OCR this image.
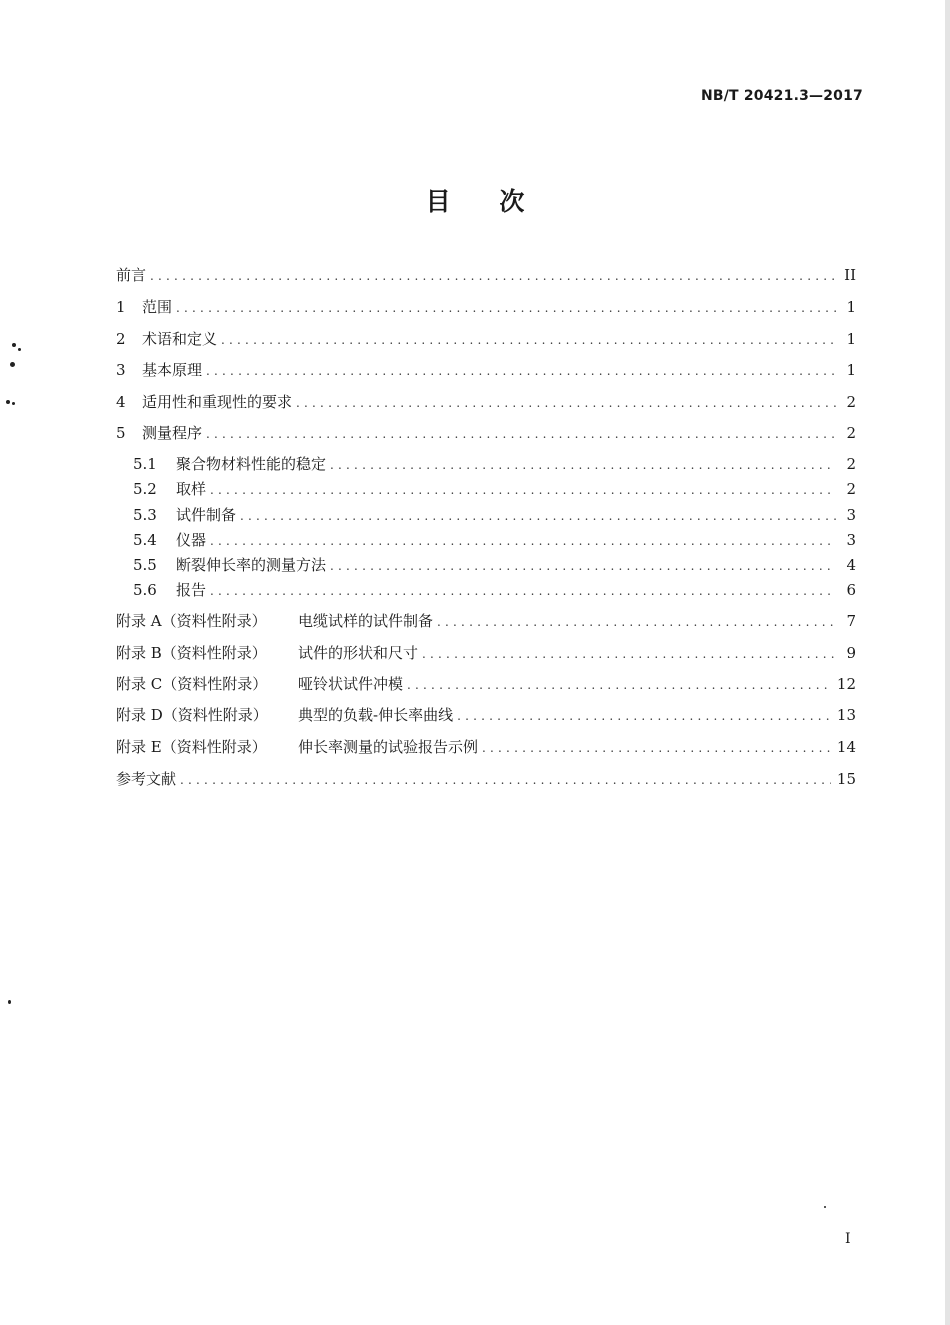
NB/T 20421.3—2017
目 次
前言 .....	II
1	范围 .....	1
2	术语和定义 .....	1
3	基本原理 .....	1
4	适用性和重现性的要求 .....	2
5	测量程序 .....	2
5.1	聚合物材料性能的稳定 .....	2
5.2	取样 .....	2
5.3	试件制备 .....	3
5.4	仪器 .....	3
5.5	断裂伸长率的测量方法 .....	4
5.6	报告 .....	6
附录 A（资料性附录）	电缆试样的试件制备 .....	7
附录 B（资料性附录）	试件的形状和尺寸 .....	9
附录 C（资料性附录）	哑铃状试件冲模 .....	12
附录 D（资料性附录）	典型的负载-伸长率曲线 .....	13
附录 E（资料性附录）	伸长率测量的试验报告示例 .....	14
参考文献 .....	15
I
